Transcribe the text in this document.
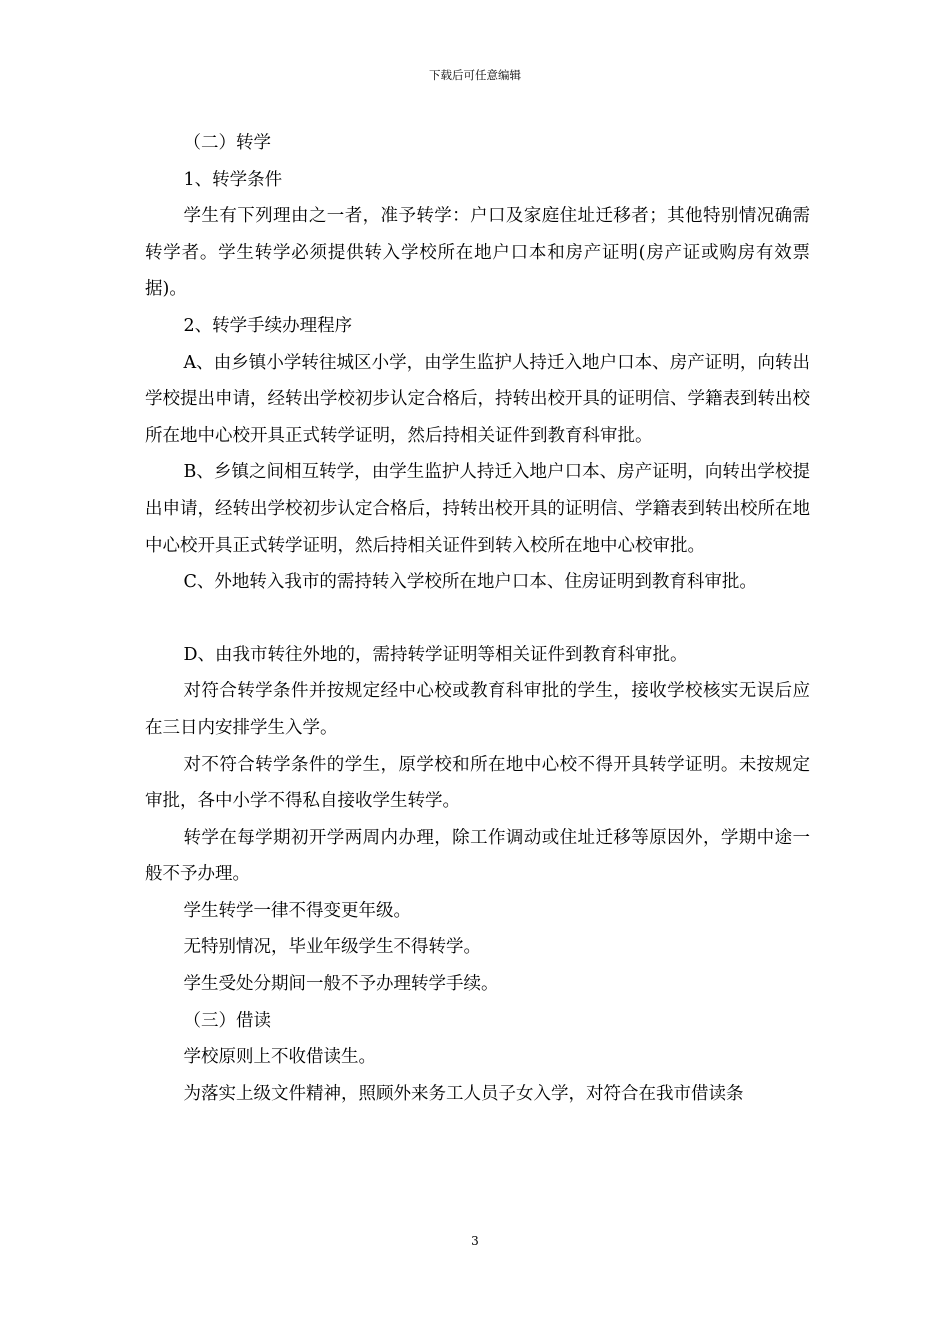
下载后可任意编辑

（二）转学

1、转学条件

学生有下列理由之一者，准予转学：户口及家庭住址迁移者；其他特别情况确需转学者。学生转学必须提供转入学校所在地户口本和房产证明(房产证或购房有效票据)。

2、转学手续办理程序

A、由乡镇小学转往城区小学，由学生监护人持迁入地户口本、房产证明，向转出学校提出申请，经转出学校初步认定合格后，持转出校开具的证明信、学籍表到转出校所在地中心校开具正式转学证明，然后持相关证件到教育科审批。

B、乡镇之间相互转学，由学生监护人持迁入地户口本、房产证明，向转出学校提出申请，经转出学校初步认定合格后，持转出校开具的证明信、学籍表到转出校所在地中心校开具正式转学证明，然后持相关证件到转入校所在地中心校审批。

C、外地转入我市的需持转入学校所在地户口本、住房证明到教育科审批。

D、由我市转往外地的，需持转学证明等相关证件到教育科审批。

对符合转学条件并按规定经中心校或教育科审批的学生，接收学校核实无误后应在三日内安排学生入学。

对不符合转学条件的学生，原学校和所在地中心校不得开具转学证明。未按规定审批，各中小学不得私自接收学生转学。

转学在每学期初开学两周内办理，除工作调动或住址迁移等原因外，学期中途一般不予办理。

学生转学一律不得变更年级。

无特别情况，毕业年级学生不得转学。

学生受处分期间一般不予办理转学手续。

（三）借读

学校原则上不收借读生。

为落实上级文件精神，照顾外来务工人员子女入学，对符合在我市借读条

3
